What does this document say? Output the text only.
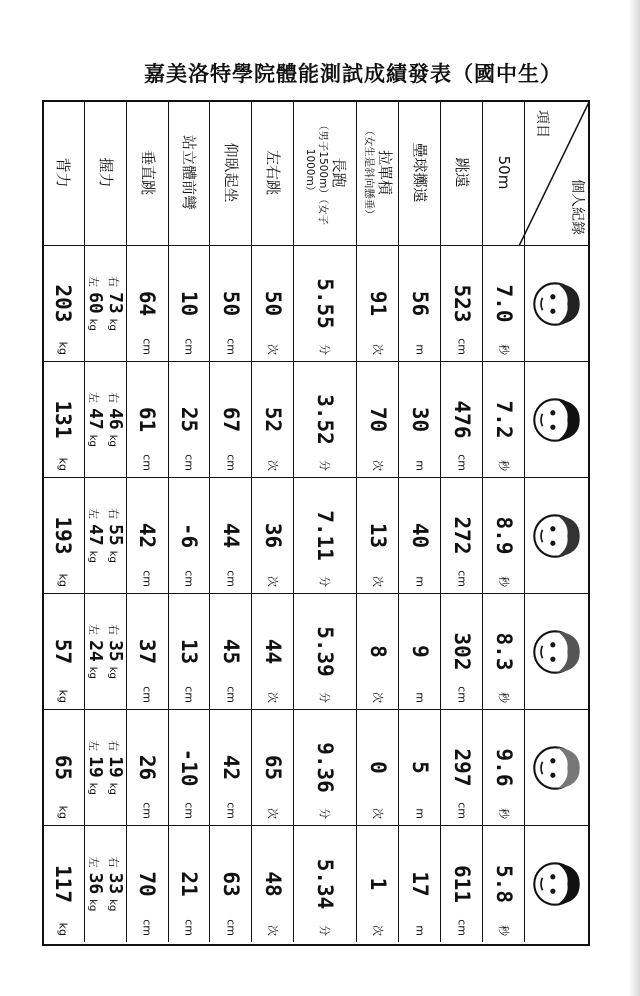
嘉美洛特學院體能測試成績發表（國中生）
項目
個人紀錄
50m
跳遠
壘球擲遠
拉單槓
（女生是斜向懸垂）
長跑
（男子1500m）（女子1000m）
左右跳
仰臥起坐
站立體前彎
垂直跳
握力
背力
7.0
秒
523
cm
56
m
91
次
5.55
分
50
次
50
cm
10
cm
64
cm
右
73
kg
左
60
kg
203
kg
7.2
秒
476
cm
30
m
70
次
3.52
分
52
次
67
cm
25
cm
61
cm
右
46
kg
左
47
kg
131
kg
8.9
秒
272
cm
40
m
13
次
7.11
分
36
次
44
cm
-6
cm
42
cm
右
55
kg
左
47
kg
193
kg
8.3
秒
302
cm
9
m
8
次
5.39
分
44
次
45
cm
13
cm
37
cm
右
35
kg
左
24
kg
57
kg
9.6
秒
297
cm
5
m
0
次
9.36
分
65
次
42
cm
-10
cm
26
cm
右
19
kg
左
19
kg
65
kg
5.8
秒
611
cm
17
m
1
次
5.34
分
48
次
63
cm
21
cm
70
cm
右
33
kg
左
36
kg
117
kg
